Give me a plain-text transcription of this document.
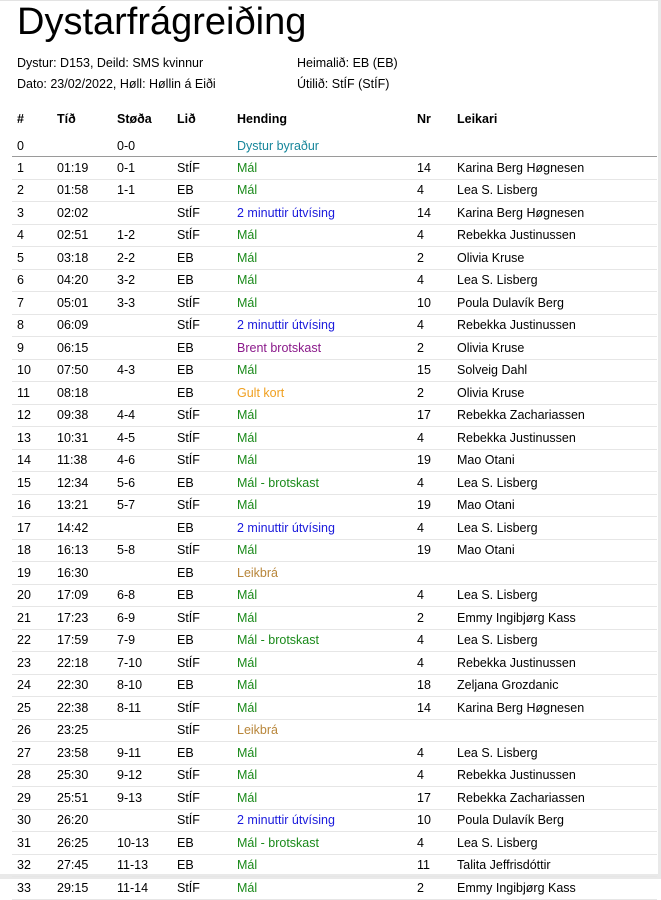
Dystarfrágreiðing
Dystur: D153, Deild: SMS kvinnur
Dato: 23/02/2022, Høll: Høllin á Eiði
Heimalið: EB (EB)
Útilið: StÍF (StÍF)
#	Tíð	Støða	Lið	Hending	Nr	Leikari
0		0-0		Dystur byraður		
1	01:19	0-1	StÍF	Mál	14	Karina Berg Høgnesen
2	01:58	1-1	EB	Mál	4	Lea S. Lisberg
3	02:02		StÍF	2 minuttir útvísing	14	Karina Berg Høgnesen
4	02:51	1-2	StÍF	Mál	4	Rebekka Justinussen
5	03:18	2-2	EB	Mál	2	Olivia Kruse
6	04:20	3-2	EB	Mál	4	Lea S. Lisberg
7	05:01	3-3	StÍF	Mál	10	Poula Dulavík Berg
8	06:09		StÍF	2 minuttir útvísing	4	Rebekka Justinussen
9	06:15		EB	Brent brotskast	2	Olivia Kruse
10	07:50	4-3	EB	Mál	15	Solveig Dahl
11	08:18		EB	Gult kort	2	Olivia Kruse
12	09:38	4-4	StÍF	Mál	17	Rebekka Zachariassen
13	10:31	4-5	StÍF	Mál	4	Rebekka Justinussen
14	11:38	4-6	StÍF	Mál	19	Mao Otani
15	12:34	5-6	EB	Mál - brotskast	4	Lea S. Lisberg
16	13:21	5-7	StÍF	Mál	19	Mao Otani
17	14:42		EB	2 minuttir útvísing	4	Lea S. Lisberg
18	16:13	5-8	StÍF	Mál	19	Mao Otani
19	16:30		EB	Leikbrá		
20	17:09	6-8	EB	Mál	4	Lea S. Lisberg
21	17:23	6-9	StÍF	Mál	2	Emmy Ingibjørg Kass
22	17:59	7-9	EB	Mál - brotskast	4	Lea S. Lisberg
23	22:18	7-10	StÍF	Mál	4	Rebekka Justinussen
24	22:30	8-10	EB	Mál	18	Zeljana Grozdanic
25	22:38	8-11	StÍF	Mál	14	Karina Berg Høgnesen
26	23:25		StÍF	Leikbrá		
27	23:58	9-11	EB	Mál	4	Lea S. Lisberg
28	25:30	9-12	StÍF	Mál	4	Rebekka Justinussen
29	25:51	9-13	StÍF	Mál	17	Rebekka Zachariassen
30	26:20		StÍF	2 minuttir útvísing	10	Poula Dulavík Berg
31	26:25	10-13	EB	Mál - brotskast	4	Lea S. Lisberg
32	27:45	11-13	EB	Mál	11	Talita Jeffrisdóttir
33	29:15	11-14	StÍF	Mál	2	Emmy Ingibjørg Kass
